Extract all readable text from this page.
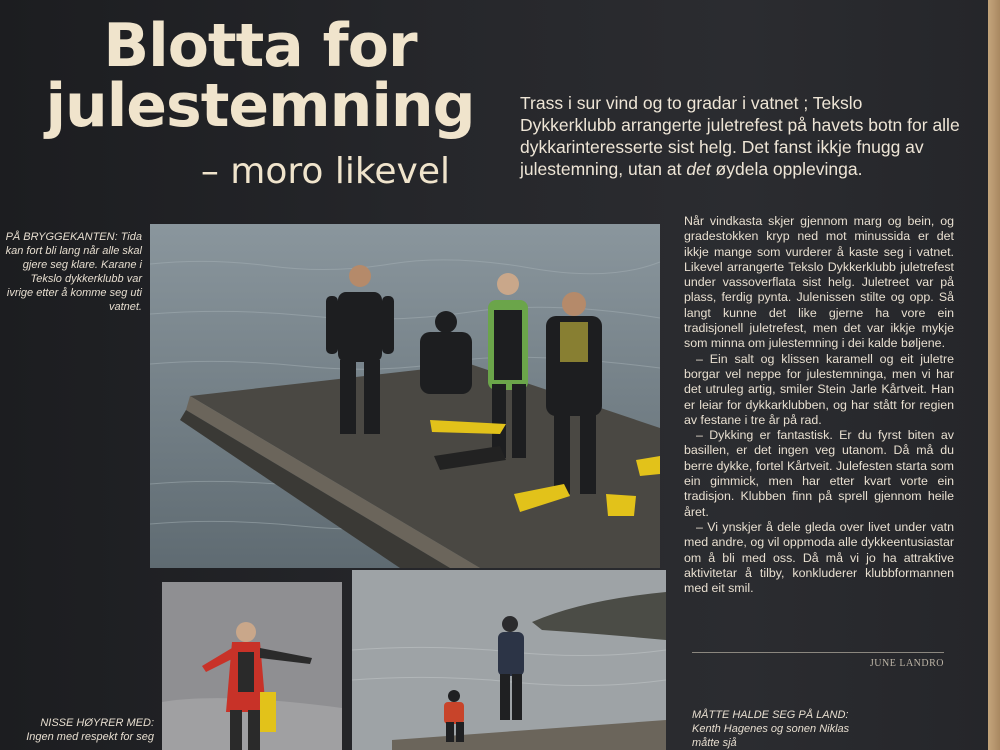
Blotta for
julestemning
– moro likevel
Trass i sur vind og to gradar i vatnet ; Tekslo Dykkerklubb arrangerte juletrefest på havets botn for alle dykkarinteresserte sist helg. Det fanst ikkje fnugg av julestemning, utan at det øydela opplevinga.
PÅ BRYGGEKANTEN: Tida kan fort bli lang når alle skal gjere seg klare. Karane i Tekslo dykkerklubb var ivrige etter å komme seg uti vatnet.

Når vindkasta skjer gjennom marg og bein, og gradestokken kryp ned mot minussida er det ikkje mange som vurderer å kaste seg i vatnet. Likevel arrangerte Tekslo Dykkerklubb juletrefest under vassoverflata sist helg. Juletreet var på plass, ferdig pynta. Julenissen stilte og opp. Så langt kunne det like gjerne ha vore ein tradisjonell juletrefest, men det var ikkje mykje som minna om julestemning i dei kalde bøljene.

– Ein salt og klissen karamell og eit juletre borgar vel neppe for julestemninga, men vi har det utruleg artig, smiler Stein Jarle Kårtveit. Han er leiar for dykkarklubben, og har stått for regien av festane i tre år på rad.

– Dykking er fantastisk. Er du fyrst biten av basillen, er det ingen veg utanom. Då må du berre dykke, fortel Kårtveit. Julefesten starta som ein gimmick, men har etter kvart vorte ein tradisjon. Klubben finn på sprell gjennom heile året.

– Vi ynskjer å dele gleda over livet under vatn med andre, og vil oppmoda alle dykkeentusiastar om å bli med oss. Då må vi jo ha attraktive aktivitetar å tilby, konkluderer klubbformannen med eit smil.

JUNE LANDRO
NISSE HØYRER MED: Ingen med respekt for seg
MÅTTE HALDE SEG PÅ LAND: Kenth Hagenes og sonen Niklas måtte sjå
